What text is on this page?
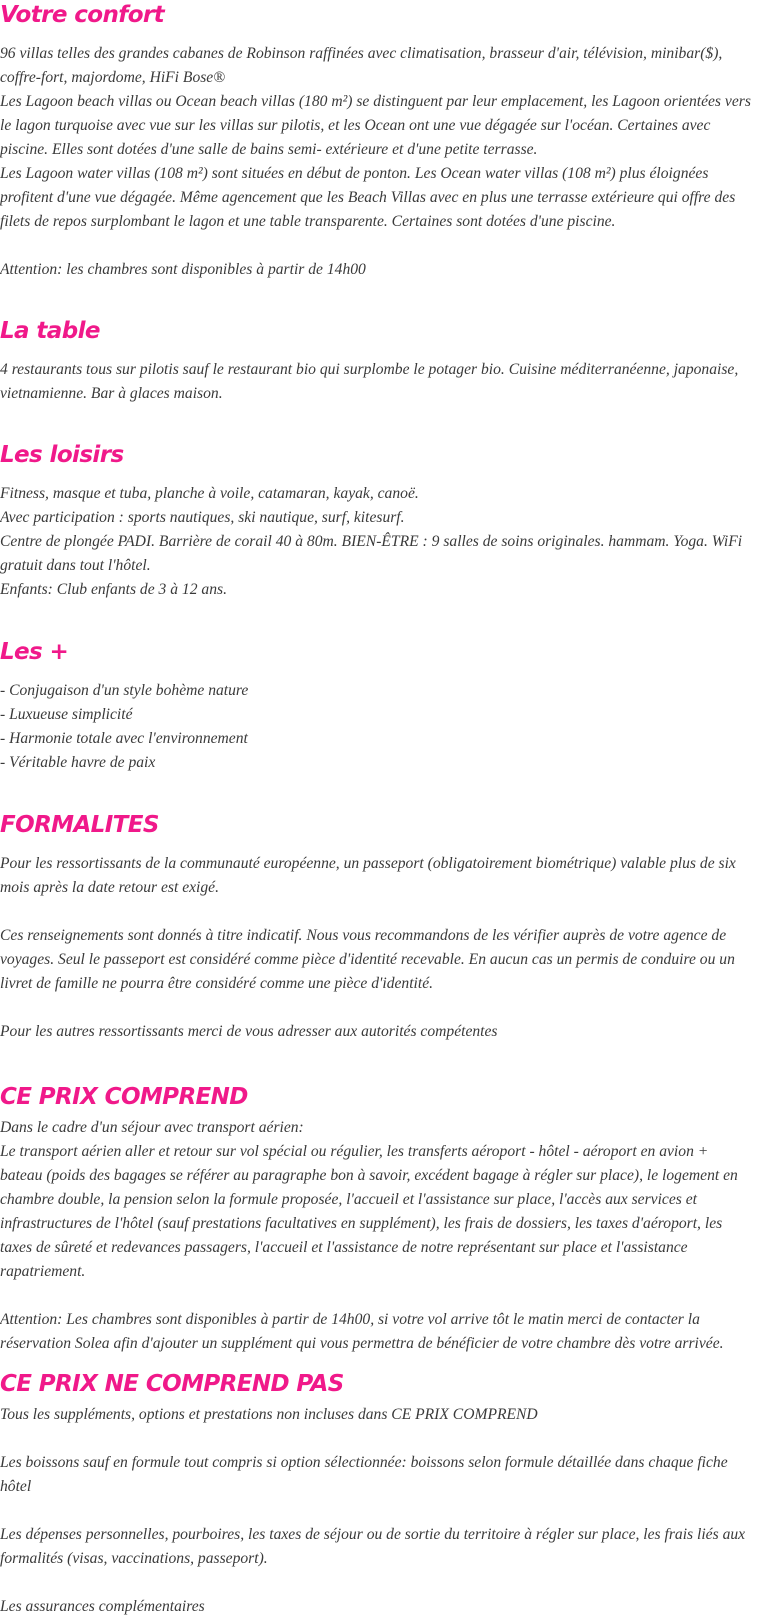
Votre confort

96 villas telles des grandes cabanes de Robinson raffinées avec climatisation, brasseur d'air, télévision, minibar($), coffre-fort, majordome, HiFi Bose®

Les Lagoon beach villas ou Ocean beach villas (180 m²) se distinguent par leur emplacement, les Lagoon orientées vers le lagon turquoise avec vue sur les villas sur pilotis, et les Ocean ont une vue dégagée sur l'océan. Certaines avec piscine. Elles sont dotées d'une salle de bains semi- extérieure et d'une petite terrasse.

Les Lagoon water villas (108 m²) sont situées en début de ponton. Les Ocean water villas (108 m²) plus éloignées profitent d'une vue dégagée. Même agencement que les Beach Villas avec en plus une terrasse extérieure qui offre des filets de repos surplombant le lagon et une table transparente. Certaines sont dotées d'une piscine.

Attention: les chambres sont disponibles à partir de 14h00

La table

4 restaurants tous sur pilotis sauf le restaurant bio qui surplombe le potager bio. Cuisine méditerranéenne, japonaise, vietnamienne. Bar à glaces maison.

Les loisirs

Fitness, masque et tuba, planche à voile, catamaran, kayak, canoë.

Avec participation : sports nautiques, ski nautique, surf, kitesurf.

Centre de plongée PADI. Barrière de corail 40 à 80m. BIEN-ÊTRE : 9 salles de soins originales. hammam. Yoga. WiFi gratuit dans tout l'hôtel.

Enfants: Club enfants de 3 à 12 ans.

Les +

- Conjugaison d'un style bohème nature

- Luxueuse simplicité

- Harmonie totale avec l'environnement

- Véritable havre de paix

FORMALITES

Pour les ressortissants de la communauté européenne, un passeport (obligatoirement biométrique) valable plus de six mois après la date retour est exigé.

Ces renseignements sont donnés à titre indicatif. Nous vous recommandons de les vérifier auprès de votre agence de voyages. Seul le passeport est considéré comme pièce d'identité recevable. En aucun cas un permis de conduire ou un livret de famille ne pourra être considéré comme une pièce d'identité.

Pour les autres ressortissants merci de vous adresser aux autorités compétentes

CE PRIX COMPREND

Dans le cadre d'un séjour avec transport aérien:

Le transport aérien aller et retour sur vol spécial ou régulier, les transferts aéroport - hôtel - aéroport en avion + bateau (poids des bagages se référer au paragraphe bon à savoir, excédent bagage à régler sur place), le logement en chambre double, la pension selon la formule proposée, l'accueil et l'assistance sur place, l'accès aux services et infrastructures de l'hôtel (sauf prestations facultatives en supplément), les frais de dossiers, les taxes d'aéroport, les taxes de sûreté et redevances passagers, l'accueil et l'assistance de notre représentant sur place et l'assistance rapatriement.

Attention: Les chambres sont disponibles à partir de 14h00, si votre vol arrive tôt le matin merci de contacter la réservation Solea afin d'ajouter un supplément qui vous permettra de bénéficier de votre chambre dès votre arrivée.

CE PRIX NE COMPREND PAS

Tous les suppléments, options et prestations non incluses dans CE PRIX COMPREND

Les boissons sauf en formule tout compris si option sélectionnée: boissons selon formule détaillée dans chaque fiche hôtel

Les dépenses personnelles, pourboires, les taxes de séjour ou de sortie du territoire à régler sur place, les frais liés aux formalités (visas, vaccinations, passeport).

Les assurances complémentaires
